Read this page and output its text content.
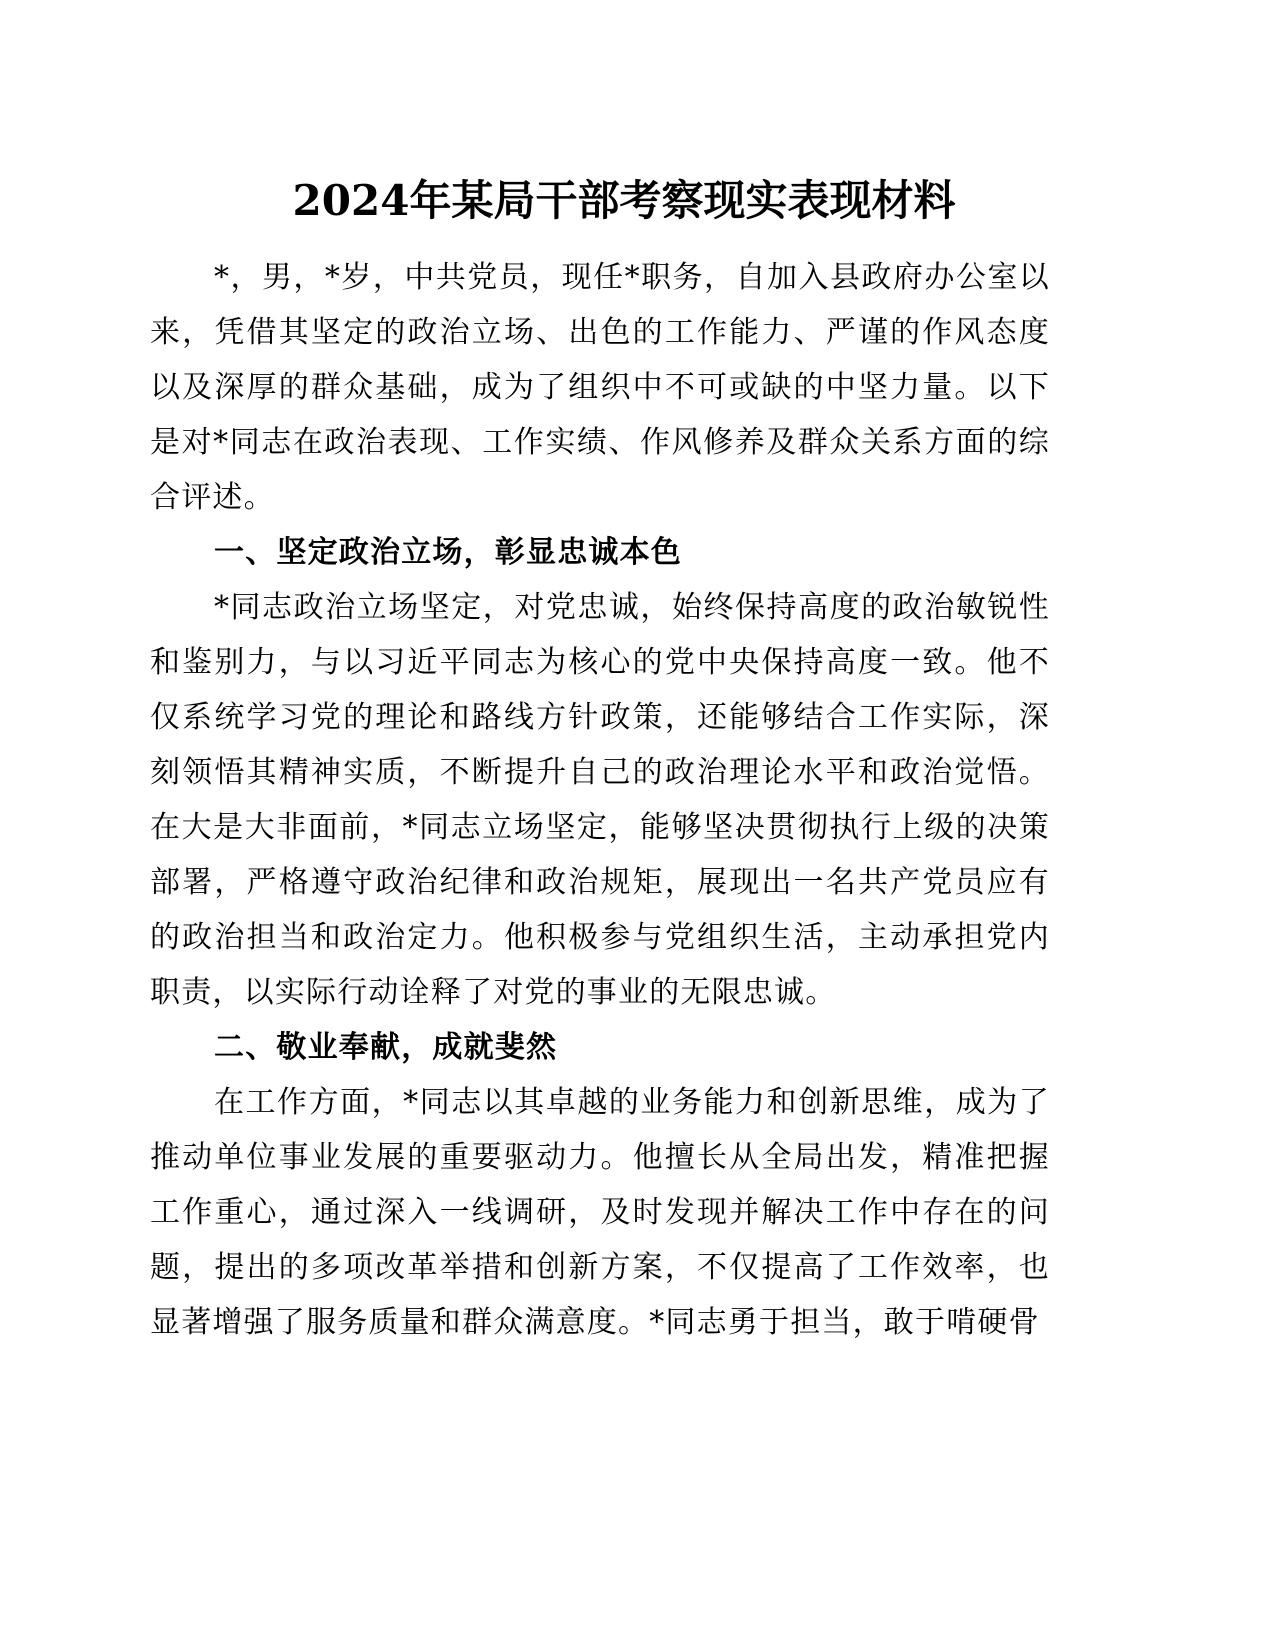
2024年某局干部考察现实表现材料

*，男，*岁，中共党员，现任*职务，自加入县政府办公室以来，凭借其坚定的政治立场、出色的工作能力、严谨的作风态度以及深厚的群众基础，成为了组织中不可或缺的中坚力量。以下是对*同志在政治表现、工作实绩、作风修养及群众关系方面的综合评述。

一、坚定政治立场，彰显忠诚本色

*同志政治立场坚定，对党忠诚，始终保持高度的政治敏锐性和鉴别力，与以习近平同志为核心的党中央保持高度一致。他不仅系统学习党的理论和路线方针政策，还能够结合工作实际，深刻领悟其精神实质，不断提升自己的政治理论水平和政治觉悟。在大是大非面前，*同志立场坚定，能够坚决贯彻执行上级的决策部署，严格遵守政治纪律和政治规矩，展现出一名共产党员应有的政治担当和政治定力。他积极参与党组织生活，主动承担党内职责，以实际行动诠释了对党的事业的无限忠诚。

二、敬业奉献，成就斐然

在工作方面，*同志以其卓越的业务能力和创新思维，成为了推动单位事业发展的重要驱动力。他擅长从全局出发，精准把握工作重心，通过深入一线调研，及时发现并解决工作中存在的问题，提出的多项改革举措和创新方案，不仅提高了工作效率，也显著增强了服务质量和群众满意度。*同志勇于担当，敢于啃硬骨
